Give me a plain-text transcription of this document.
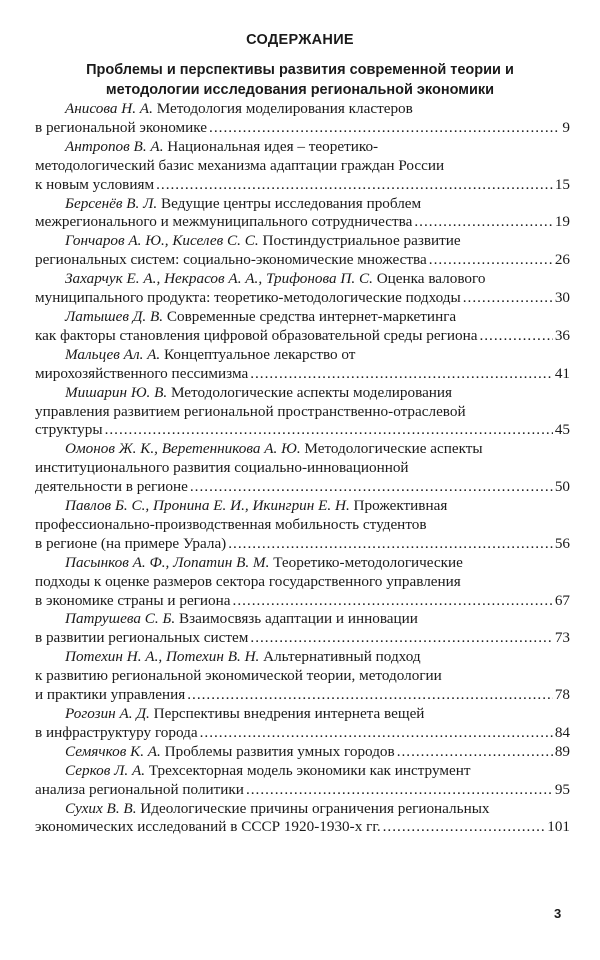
СОДЕРЖАНИЕ
Проблемы и перспективы развития современной теории и методологии исследования региональной экономики
Анисова Н. А. Методология моделирования кластеров
в региональной экономике .....	9
Антропов В. А. Национальная идея – теоретико-
методологический базис механизма адаптации граждан России
к новым условиям .....	15
Берсенёв В. Л. Ведущие центры исследования проблем
межрегионального и межмуниципального сотрудничества .....	19
Гончаров А. Ю., Киселев С. С. Постиндустриальное развитие
региональных систем: социально-экономические множества .....	26
Захарчук Е. А., Некрасов А. А., Трифонова П. С. Оценка валового
муниципального продукта: теоретико-методологические подходы .....	30
Латышев Д. В. Современные средства интернет-маркетинга
как факторы становления цифровой образовательной среды региона .....	36
Мальцев Ал. А. Концептуальное лекарство от
мирохозяйственного пессимизма .....	41
Мишарин Ю. В. Методологические аспекты моделирования
управления развитием региональной пространственно-отраслевой
структуры .....	45
Омонов Ж. К., Веретенникова А. Ю. Методологические аспекты
институционального развития социально-инновационной
деятельности в регионе .....	50
Павлов Б. С., Пронина Е. И., Икингрин Е. Н. Прожективная
профессионально-производственная мобильность студентов
в регионе (на примере Урала) .....	56
Пасынков А. Ф., Лопатин В. М. Теоретико-методологические
подходы к оценке размеров сектора государственного управления
в экономике страны и региона .....	67
Патрушева С. Б. Взаимосвязь адаптации и инновации
в развитии региональных систем .....	73
Потехин Н. А., Потехин В. Н. Альтернативный подход
к развитию региональной экономической теории, методологии
и практики управления .....	78
Рогозин А. Д. Перспективы внедрения интернета вещей
в инфраструктуру города .....	84
Семячков К. А. Проблемы развития умных городов .....	89
Серков Л. А. Трехсекторная модель экономики как инструмент
анализа региональной политики .....	95
Сухих В. В. Идеологические причины ограничения региональных
экономических исследований в СССР 1920-1930-х гг. .....	101
3
